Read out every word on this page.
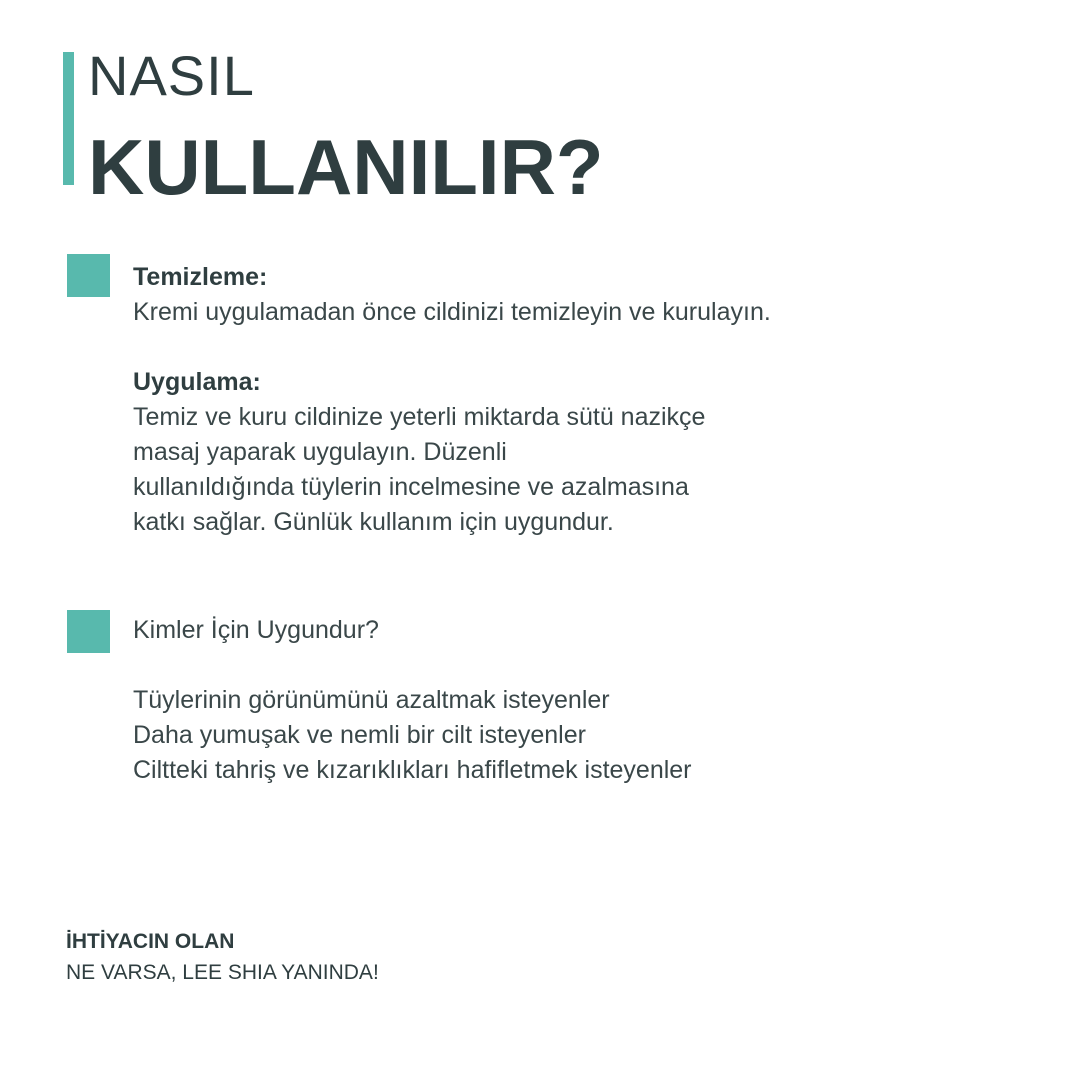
NASIL
KULLANILIR?
Temizleme:
Kremi uygulamadan önce cildinizi temizleyin ve kurulayın.
Uygulama:
Temiz ve kuru cildinize yeterli miktarda sütü nazikçe
masaj yaparak uygulayın. Düzenli
kullanıldığında tüylerin incelmesine ve azalmasına
katkı sağlar. Günlük kullanım için uygundur.
Kimler İçin Uygundur?
Tüylerinin görünümünü azaltmak isteyenler
Daha yumuşak ve nemli bir cilt isteyenler
Ciltteki tahriş ve kızarıklıkları hafifletmek isteyenler
İHTİYACIN OLAN
NE VARSA, LEE SHIA YANINDA!
